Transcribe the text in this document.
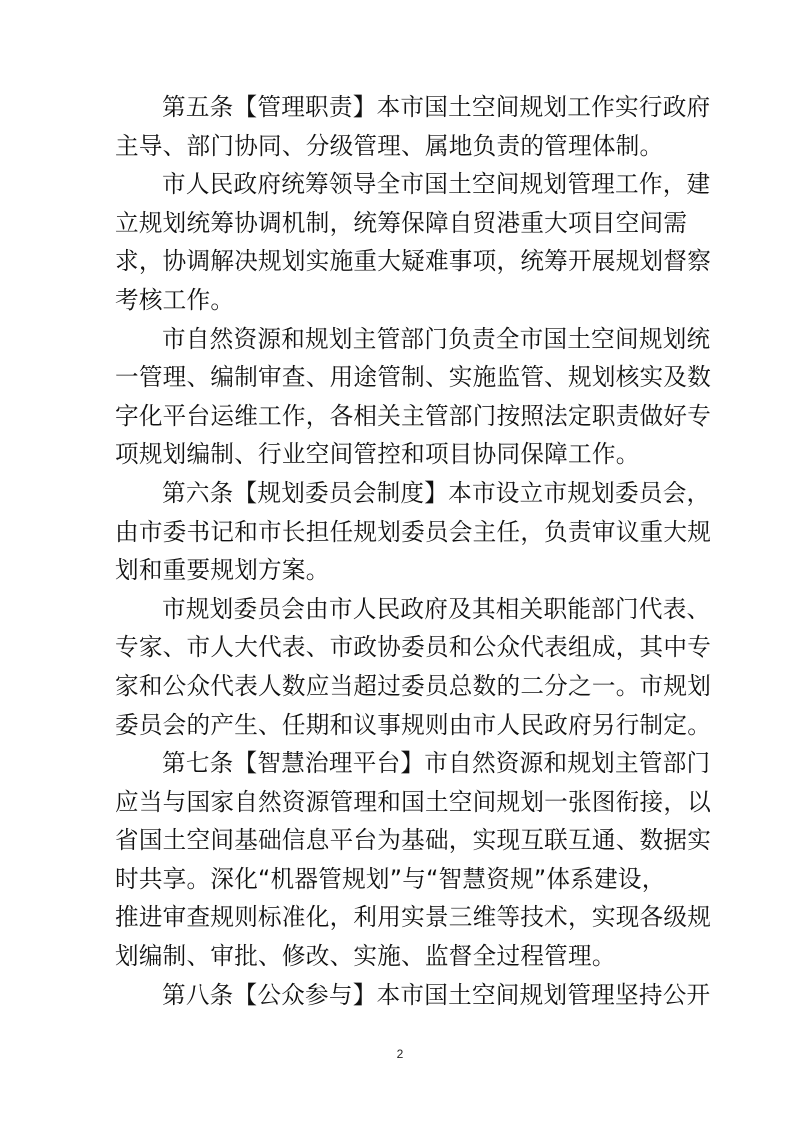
第五条【管理职责】本市国土空间规划工作实行政府
主导、部门协同、分级管理、属地负责的管理体制。
市人民政府统筹领导全市国土空间规划管理工作，建
立规划统筹协调机制，统筹保障自贸港重大项目空间需
求，协调解决规划实施重大疑难事项，统筹开展规划督察
考核工作。
市自然资源和规划主管部门负责全市国土空间规划统
一管理、编制审查、用途管制、实施监管、规划核实及数
字化平台运维工作，各相关主管部门按照法定职责做好专
项规划编制、行业空间管控和项目协同保障工作。
第六条【规划委员会制度】本市设立市规划委员会，
由市委书记和市长担任规划委员会主任，负责审议重大规
划和重要规划方案。
市规划委员会由市人民政府及其相关职能部门代表、
专家、市人大代表、市政协委员和公众代表组成，其中专
家和公众代表人数应当超过委员总数的二分之一。市规划
委员会的产生、任期和议事规则由市人民政府另行制定。
第七条【智慧治理平台】市自然资源和规划主管部门
应当与国家自然资源管理和国土空间规划一张图衔接，以
省国土空间基础信息平台为基础，实现互联互通、数据实
时共享。深化“机器管规划”与“智慧资规”体系建设，
推进审查规则标准化，利用实景三维等技术，实现各级规
划编制、审批、修改、实施、监督全过程管理。
第八条【公众参与】本市国土空间规划管理坚持公开
2
